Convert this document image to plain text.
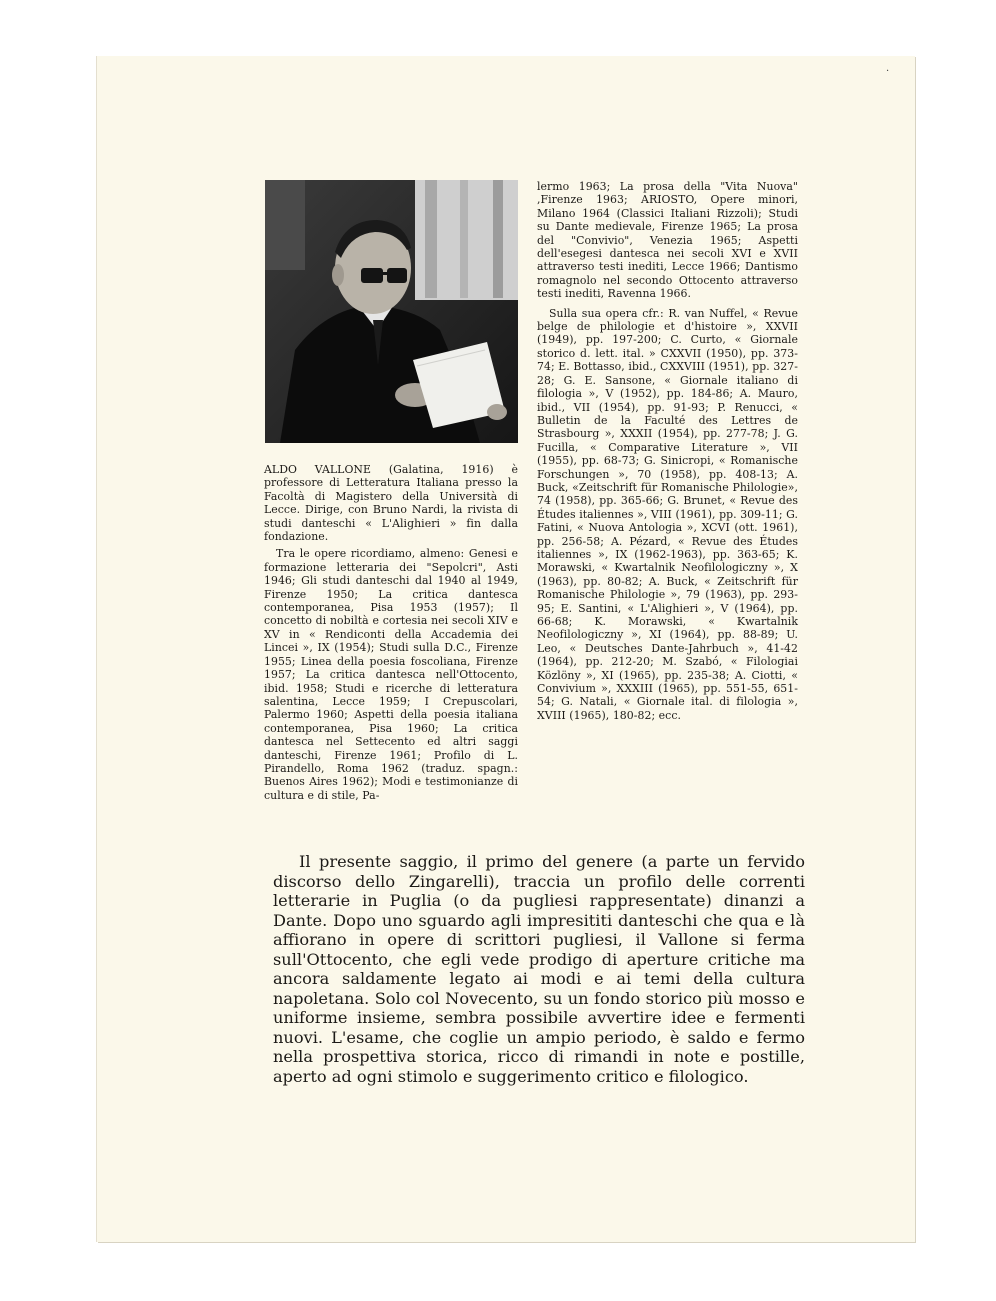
·

ALDO VALLONE (Galatina, 1916) è professore di Letteratura Italiana presso la Facoltà di Magistero della Università di Lecce. Dirige, con Bruno Nardi, la rivista di studi danteschi « L'Alighieri » fin dalla fondazione.

Tra le opere ricordiamo, almeno: Genesi e formazione letteraria dei "Sepolcri", Asti 1946; Gli studi danteschi dal 1940 al 1949, Firenze 1950; La critica dantesca contemporanea, Pisa 1953 (1957); Il concetto di nobiltà e cortesia nei secoli XIV e XV in « Rendiconti della Accademia dei Lincei », IX (1954); Studi sulla D.C., Firenze 1955; Linea della poesia foscoliana, Firenze 1957; La critica dantesca nell'Ottocento, ibid. 1958; Studi e ricerche di letteratura salentina, Lecce 1959; I Crepuscolari, Palermo 1960; Aspetti della poesia italiana contemporanea, Pisa 1960; La critica dantesca nel Settecento ed altri saggi danteschi, Firenze 1961; Profilo di L. Pirandello, Roma 1962 (traduz. spagn.: Buenos Aires 1962); Modi e testimonianze di cultura e di stile, Pa-

lermo 1963; La prosa della "Vita Nuova" ,Firenze 1963; ARIOSTO, Opere minori, Milano 1964 (Classici Italiani Rizzoli); Studi su Dante medievale, Firenze 1965; La prosa del "Convivio", Venezia 1965; Aspetti dell'esegesi dantesca nei secoli XVI e XVII attraverso testi inediti, Lecce 1966; Dantismo romagnolo nel secondo Ottocento attraverso testi inediti, Ravenna 1966.

Sulla sua opera cfr.: R. van Nuffel, « Revue belge de philologie et d'histoire », XXVII (1949), pp. 197-200; C. Curto, « Giornale storico d. lett. ital. » CXXVII (1950), pp. 373-74; E. Bottasso, ibid., CXXVIII (1951), pp. 327-28; G. E. Sansone, « Giornale italiano di filologia », V (1952), pp. 184-86; A. Mauro, ibid., VII (1954), pp. 91-93; P. Renucci, « Bulletin de la Faculté des Lettres de Strasbourg », XXXII (1954), pp. 277-78; J. G. Fucilla, « Comparative Literature », VII (1955), pp. 68-73; G. Sinicropi, « Romanische Forschungen », 70 (1958), pp. 408-13; A. Buck, «Zeitschrift für Romanische Philologie», 74 (1958), pp. 365-66; G. Brunet, « Revue des Études italiennes », VIII (1961), pp. 309-11; G. Fatini, « Nuova Antologia », XCVI (ott. 1961), pp. 256-58; A. Pézard, « Revue des Études italiennes », IX (1962-1963), pp. 363-65; K. Morawski, « Kwartalnik Neofilologiczny », X (1963), pp. 80-82; A. Buck, « Zeitschrift für Romanische Philologie », 79 (1963), pp. 293-95; E. Santini, « L'Alighieri », V (1964), pp. 66-68; K. Morawski, « Kwartalnik Neofilologiczny », XI (1964), pp. 88-89; U. Leo, « Deutsches Dante-Jahrbuch », 41-42 (1964), pp. 212-20; M. Szabó, « Filologiai Közlöny », XI (1965), pp. 235-38; A. Ciotti, « Convivium », XXXIII (1965), pp. 551-55, 651-54; G. Natali, « Giornale ital. di filologia », XVIII (1965), 180-82; ecc.

Il presente saggio, il primo del genere (a parte un fervido discorso dello Zingarelli), traccia un profilo delle correnti letterarie in Puglia (o da pugliesi rappresentate) dinanzi a Dante. Dopo uno sguardo agli impresititi danteschi che qua e là affiorano in opere di scrittori pugliesi, il Vallone si ferma sull'Ottocento, che egli vede prodigo di aperture critiche ma ancora saldamente legato ai modi e ai temi della cultura napoletana. Solo col Novecento, su un fondo storico più mosso e uniforme insieme, sembra possibile avvertire idee e fermenti nuovi. L'esame, che coglie un ampio periodo, è saldo e fermo nella prospettiva storica, ricco di rimandi in note e postille, aperto ad ogni stimolo e suggerimento critico e filologico.
